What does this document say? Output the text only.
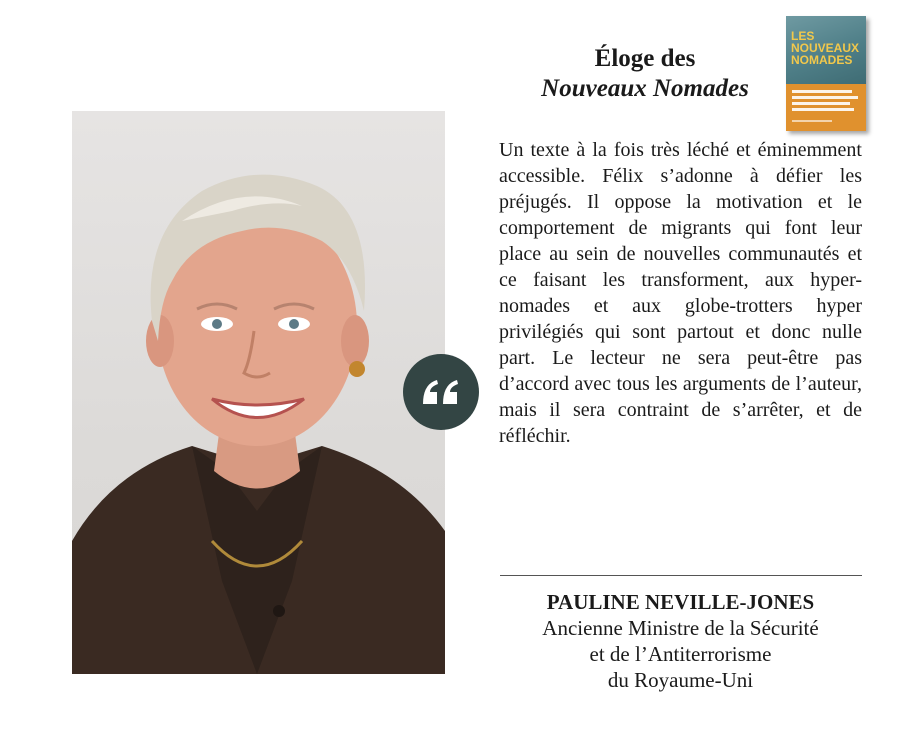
Éloge des
Nouveaux Nomades
LES NOUVEAUX NOMADES
Un texte à la fois très léché et éminemment accessible. Félix s’adonne à défier les préjugés. Il oppose la motivation et le comportement de migrants qui font leur place au sein de nouvelles communautés et ce faisant les transforment, aux hyper-nomades et aux globe-trotters hyper privilégiés qui sont partout et donc nulle part. Le lecteur ne sera peut-être pas d’accord avec tous les arguments de l’auteur, mais il sera contraint de s’arrêter, et de réfléchir.
PAULINE NEVILLE-JONES
Ancienne Ministre de la Sécurité
et de l’Antiterrorisme
du Royaume-Uni
